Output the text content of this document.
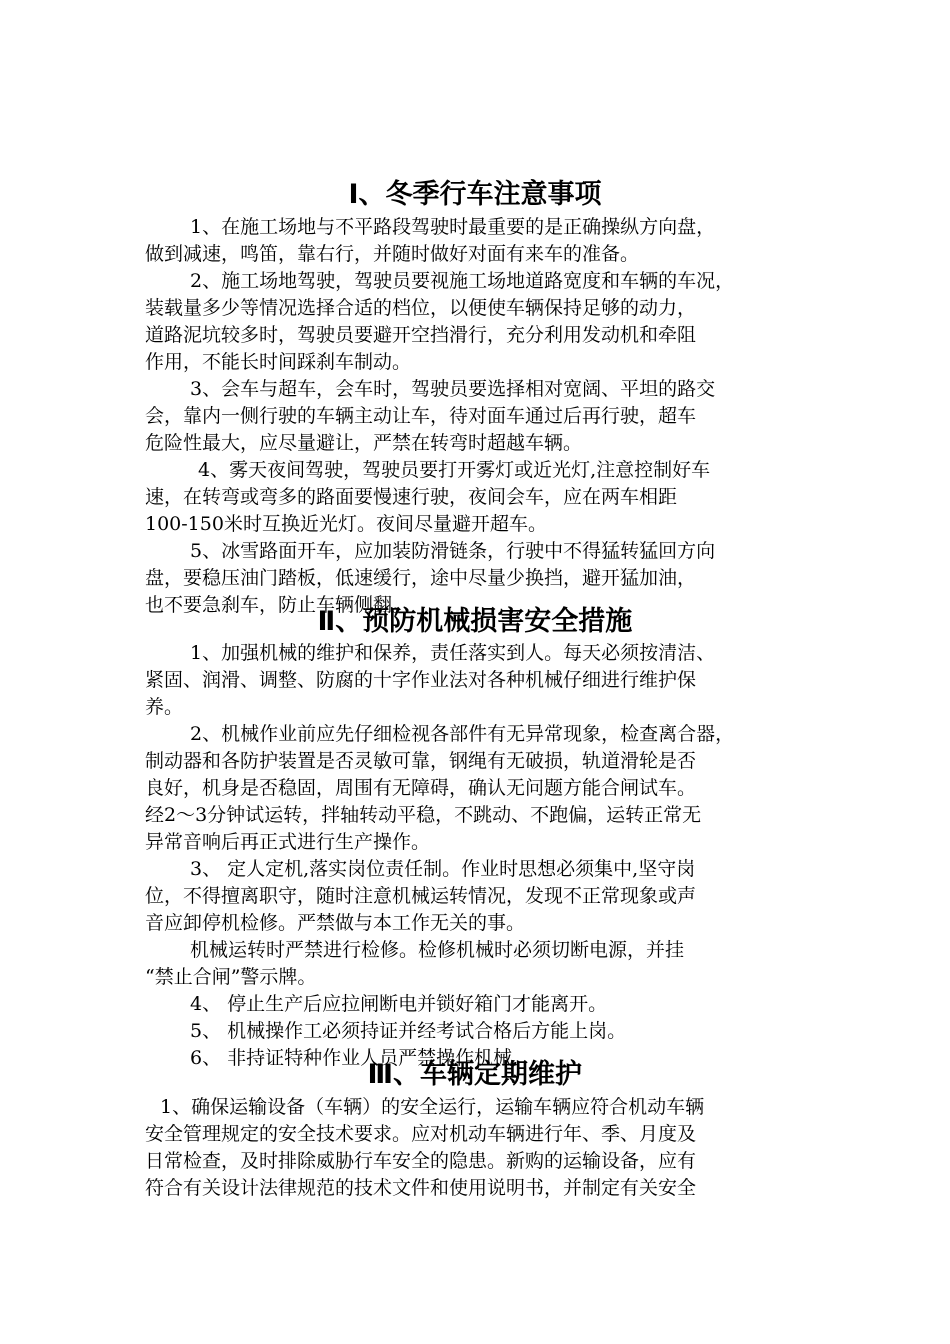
Ⅰ、冬季行车注意事项
1、在施工场地与不平路段驾驶时最重要的是正确操纵方向盘，
做到减速，鸣笛，靠右行，并随时做好对面有来车的准备。
2、施工场地驾驶，驾驶员要视施工场地道路宽度和车辆的车况，
装载量多少等情况选择合适的档位，以便使车辆保持足够的动力，
道路泥坑较多时，驾驶员要避开空挡滑行，充分利用发动机和牵阻
作用，不能长时间踩刹车制动。
3、会车与超车，会车时，驾驶员要选择相对宽阔、平坦的路交
会，靠内一侧行驶的车辆主动让车，待对面车通过后再行驶，超车
危险性最大，应尽量避让，严禁在转弯时超越车辆。
4、雾天夜间驾驶，驾驶员要打开雾灯或近光灯,注意控制好车
速，在转弯或弯多的路面要慢速行驶，夜间会车，应在两车相距
100-150米时互换近光灯。夜间尽量避开超车。
5、冰雪路面开车，应加装防滑链条，行驶中不得猛转猛回方向
盘，要稳压油门踏板，低速缓行，途中尽量少换挡，避开猛加油，
也不要急刹车，防止车辆侧翻。
Ⅱ、预防机械损害安全措施
1、加强机械的维护和保养，责任落实到人。每天必须按清洁、
紧固、润滑、调整、防腐的十字作业法对各种机械仔细进行维护保
养。
2、机械作业前应先仔细检视各部件有无异常现象，检查离合器，
制动器和各防护装置是否灵敏可靠，钢绳有无破损，轨道滑轮是否
良好，机身是否稳固，周围有无障碍，确认无问题方能合闸试车。
经2～3分钟试运转，拌轴转动平稳，不跳动、不跑偏，运转正常无
异常音响后再正式进行生产操作。
3、 定人定机,落实岗位责任制。作业时思想必须集中,坚守岗
位，不得擅离职守，随时注意机械运转情况，发现不正常现象或声
音应卸停机检修。严禁做与本工作无关的事。
机械运转时严禁进行检修。检修机械时必须切断电源，并挂
“禁止合闸”警示牌。
4、 停止生产后应拉闸断电并锁好箱门才能离开。
5、 机械操作工必须持证并经考试合格后方能上岗。
6、 非持证特种作业人员严禁操作机械,
Ⅲ、车辆定期维护
1、确保运输设备（车辆）的安全运行，运输车辆应符合机动车辆
安全管理规定的安全技术要求。应对机动车辆进行年、季、月度及
日常检查，及时排除威胁行车安全的隐患。新购的运输设备，应有
符合有关设计法律规范的技术文件和使用说明书，并制定有关安全
